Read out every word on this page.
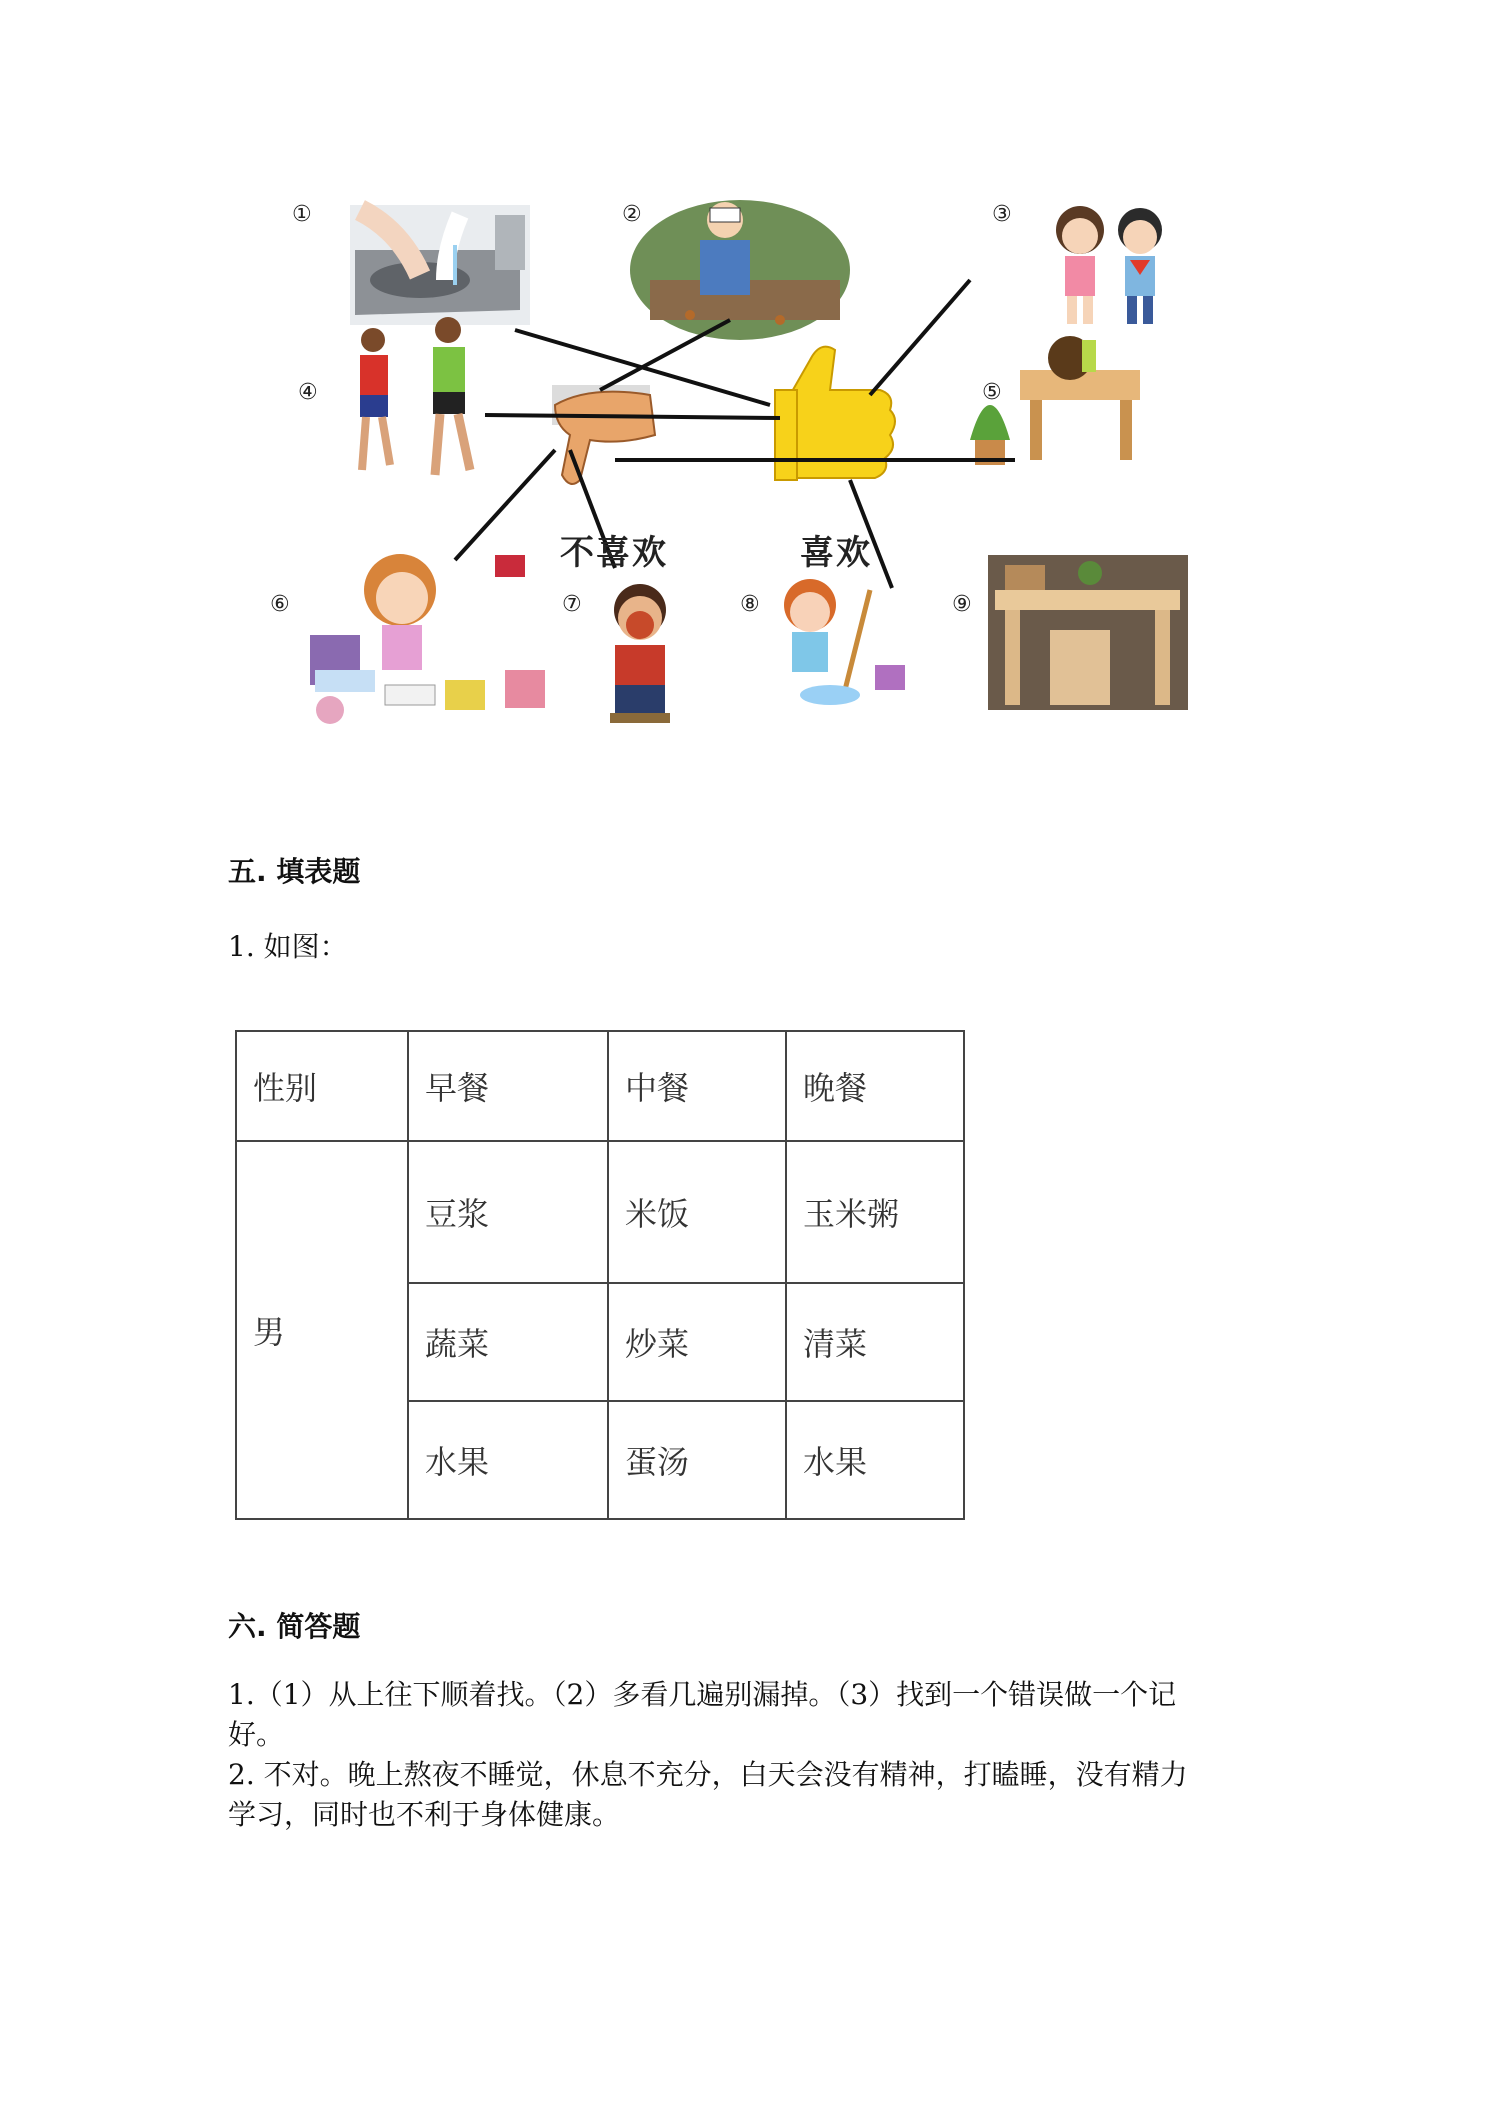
①	②	③
④	⑤
⑥	⑦	⑧	⑨
不喜欢	喜欢
五. 填表题
1. 如图：
性别	早餐	中餐	晚餐
男	豆浆	米饭	玉米粥
	蔬菜	炒菜	清菜
	水果	蛋汤	水果
六. 简答题
1.（1）从上往下顺着找。（2）多看几遍别漏掉。（3）找到一个错误做一个记
好。
2. 不对。晚上熬夜不睡觉，休息不充分，白天会没有精神，打瞌睡，没有精力
学习，同时也不利于身体健康。
